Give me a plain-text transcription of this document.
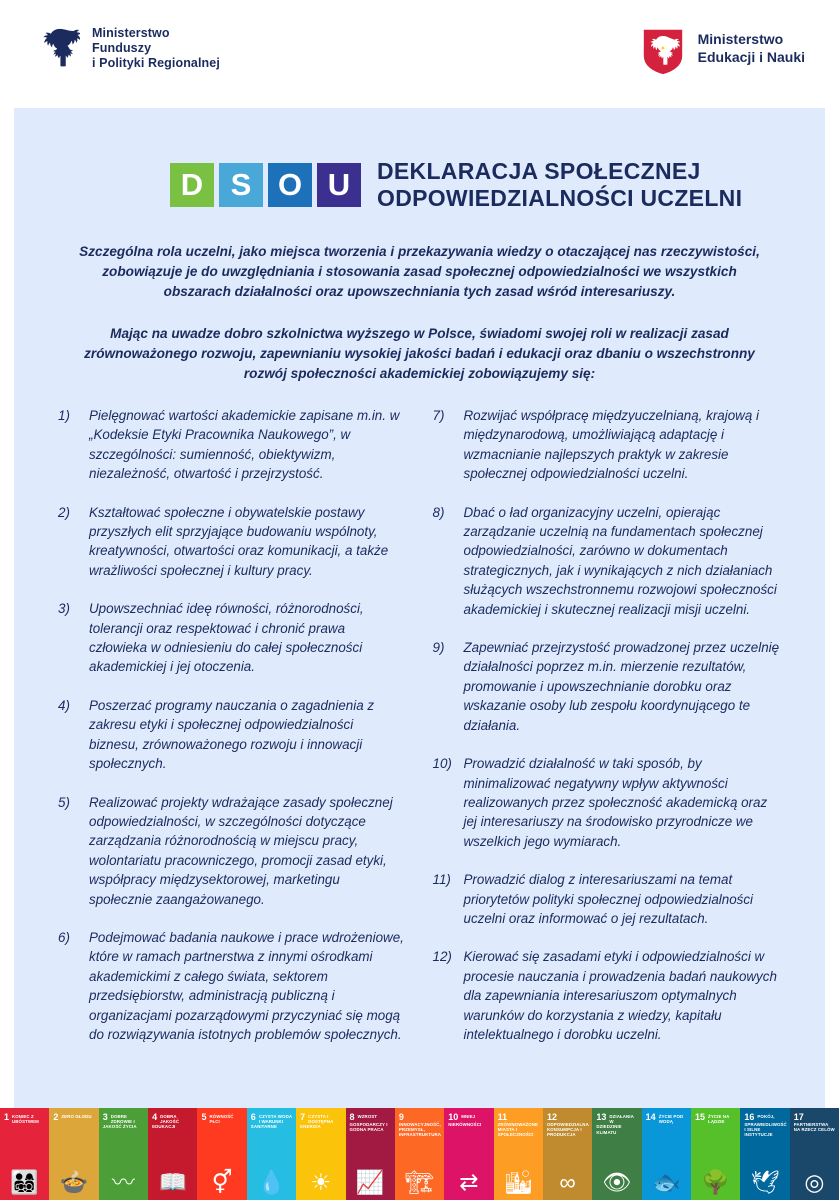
Ministerstwo
Funduszy
i Polityki Regionalnej
Ministerstwo
Edukacji i Nauki
D S O U	DEKLARACJA SPOŁECZNEJ
ODPOWIEDZIALNOŚCI UCZELNI

Szczególna rola uczelni, jako miejsca tworzenia i przekazywania wiedzy o otaczającej nas rzeczywistości, zobowiązuje je do uwzględniania i stosowania zasad społecznej odpowiedzialności we wszystkich obszarach działalności oraz upowszechniania tych zasad wśród interesariuszy.

Mając na uwadze dobro szkolnictwa wyższego w Polsce, świadomi swojej roli w realizacji zasad zrównoważonego rozwoju, zapewnianiu wysokiej jakości badań i edukacji oraz dbaniu o wszechstronny rozwój społeczności akademickiej zobowiązujemy się:

1)	Pielęgnować wartości akademickie zapisane m.in. w „Kodeksie Etyki Pracownika Naukowego”, w szczególności: sumienność, obiektywizm, niezależność, otwartość i przejrzystość.
2)	Kształtować społeczne i obywatelskie postawy przyszłych elit sprzyjające budowaniu wspólnoty, kreatywności, otwartości oraz komunikacji, a także wrażliwości społecznej i kultury pracy.
3)	Upowszechniać ideę równości, różnorodności, tolerancji oraz respektować i chronić prawa człowieka w odniesieniu do całej społeczności akademickiej i jej otoczenia.
4)	Poszerzać programy nauczania o zagadnienia z zakresu etyki i społecznej odpowiedzialności biznesu, zrównoważonego rozwoju i innowacji społecznych.
5)	Realizować projekty wdrażające zasady społecznej odpowiedzialności, w szczególności dotyczące zarządzania różnorodnością w miejscu pracy, wolontariatu pracowniczego, promocji zasad etyki, współpracy międzysektorowej, marketingu społecznie zaangażowanego.
6)	Podejmować badania naukowe i prace wdrożeniowe, które w ramach partnerstwa z innymi ośrodkami akademickimi z całego świata, sektorem przedsiębiorstw, administracją publiczną i organizacjami pozarządowymi przyczyniać się mogą do rozwiązywania istotnych problemów społecznych.
7)	Rozwijać współpracę międzyuczelnianą, krajową i międzynarodową, umożliwiającą adaptację i wzmacnianie najlepszych praktyk w zakresie społecznej odpowiedzialności uczelni.
8)	Dbać o ład organizacyjny uczelni, opierając zarządzanie uczelnią na fundamentach społecznej odpowiedzialności, zarówno w dokumentach strategicznych, jak i wynikających z nich działaniach służących wszechstronnemu rozwojowi społeczności akademickiej i skutecznej realizacji misji uczelni.
9)	Zapewniać przejrzystość prowadzonej przez uczelnię działalności poprzez m.in. mierzenie rezultatów, promowanie i upowszechnianie dorobku oraz wskazanie osoby lub zespołu koordynującego te działania.
10) Prowadzić działalność w taki sposób, by minimalizować negatywny wpływ aktywności realizowanych przez społeczność akademicką oraz jej interesariuszy na środowisko przyrodnicze we wszelkich jego wymiarach.
11) Prowadzić dialog z interesariuszami na temat priorytetów polityki społecznej odpowiedzialności uczelni oraz informować o jej rezultatach.
12) Kierować się zasadami etyki i odpowiedzialności w procesie nauczania i prowadzenia badań naukowych dla zapewniania interesariuszom optymalnych warunków do korzystania z wiedzy, kapitału intelektualnego i dorobku uczelni.
1 KONIEC Z UBÓSTWEM
👨‍👩‍👧‍👦
2 ZERO GŁODU
🍲
3 DOBRE ZDROWIE I JAKOŚĆ ŻYCIA
〰
4 DOBRA JAKOŚĆ EDUKACJI
📖
5 RÓWNOŚĆ PŁCI
⚥
6 CZYSTA WODA I WARUNKI SANITARNE
💧
7 CZYSTA I DOSTĘPNA ENERGIA
☀
8 WZROST GOSPODARCZY I GODNA PRACA
📈
9
INNOWACYJNOŚĆ, PRZEMYSŁ, INFRASTRUKTURA
🏗
10 MNIEJ NIERÓWNOŚCI
⇄
11
ZRÓWNOWAŻONE MIASTA I SPOŁECZNOŚCI
🏙
12
ODPOWIEDZIALNA KONSUMPCJA I PRODUKCJA
∞
13 DZIAŁANIA W DZIEDZINIE KLIMATU
👁
14 ŻYCIE POD WODĄ
🐟
15 ŻYCIE NA LĄDZIE
🌳
16 POKÓJ, SPRAWIEDLIWOŚĆ I SILNE INSTYTUCJE
🕊
17
PARTNERSTWA NA RZECZ CELÓW
◎
